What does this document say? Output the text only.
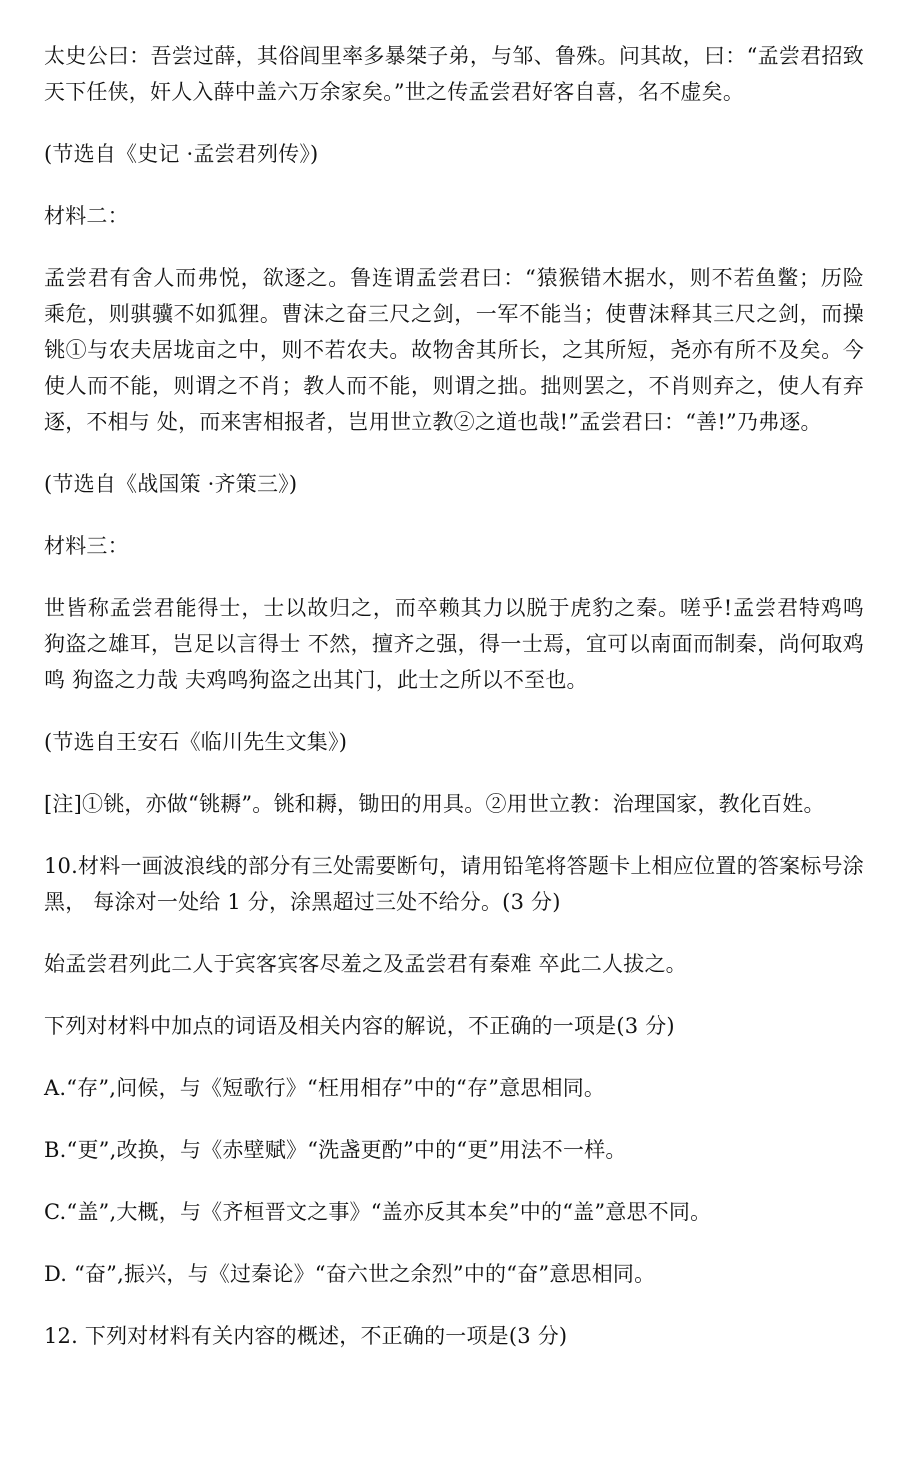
太史公曰：吾尝过薛，其俗闾里率多暴桀子弟，与邹、鲁殊。问其故，曰：“孟尝君招致天下任侠，奸人入薛中盖六万余家矣。”世之传孟尝君好客自喜，名不虚矣。

(节选自《史记 ·孟尝君列传》)

材料二：

孟尝君有舍人而弗悦，欲逐之。鲁连谓孟尝君曰：“猿猴错木据水，则不若鱼鳖；历险 乘危，则骐骥不如狐狸。曹沫之奋三尺之剑，一军不能当；使曹沫释其三尺之剑，而操铫①与农夫居垅亩之中，则不若农夫。故物舍其所长，之其所短，尧亦有所不及矣。今使人而不能，则谓之不肖；教人而不能，则谓之拙。拙则罢之，不肖则弃之，使人有弃逐，不相与 处，而来害相报者，岂用世立教②之道也哉!”孟尝君曰：“善!”乃弗逐。

(节选自《战国策 ·齐策三》)

材料三：

世皆称孟尝君能得士，士以故归之，而卒赖其力以脱于虎豹之秦。嗟乎!孟尝君特鸡鸣 狗盗之雄耳，岂足以言得士 不然，擅齐之强，得一士焉，宜可以南面而制秦，尚何取鸡鸣 狗盗之力哉 夫鸡鸣狗盗之出其门，此士之所以不至也。

(节选自王安石《临川先生文集》)

[注]①铫，亦做“铫耨”。铫和耨，锄田的用具。②用世立教：治理国家，教化百姓。

10.材料一画波浪线的部分有三处需要断句，请用铅笔将答题卡上相应位置的答案标号涂黑， 每涂对一处给 1 分，涂黑超过三处不给分。(3 分)

始孟尝君列此二人于宾客宾客尽羞之及孟尝君有秦难 卒此二人拔之。

下列对材料中加点的词语及相关内容的解说，不正确的一项是(3 分)

A.“存”,问候，与《短歌行》“枉用相存”中的“存”意思相同。

B.“更”,改换，与《赤壁赋》“洗盏更酌”中的“更”用法不一样。

C.“盖”,大概，与《齐桓晋文之事》“盖亦反其本矣”中的“盖”意思不同。

D. “奋”,振兴，与《过秦论》“奋六世之余烈”中的“奋”意思相同。

12. 下列对材料有关内容的概述，不正确的一项是(3 分)
